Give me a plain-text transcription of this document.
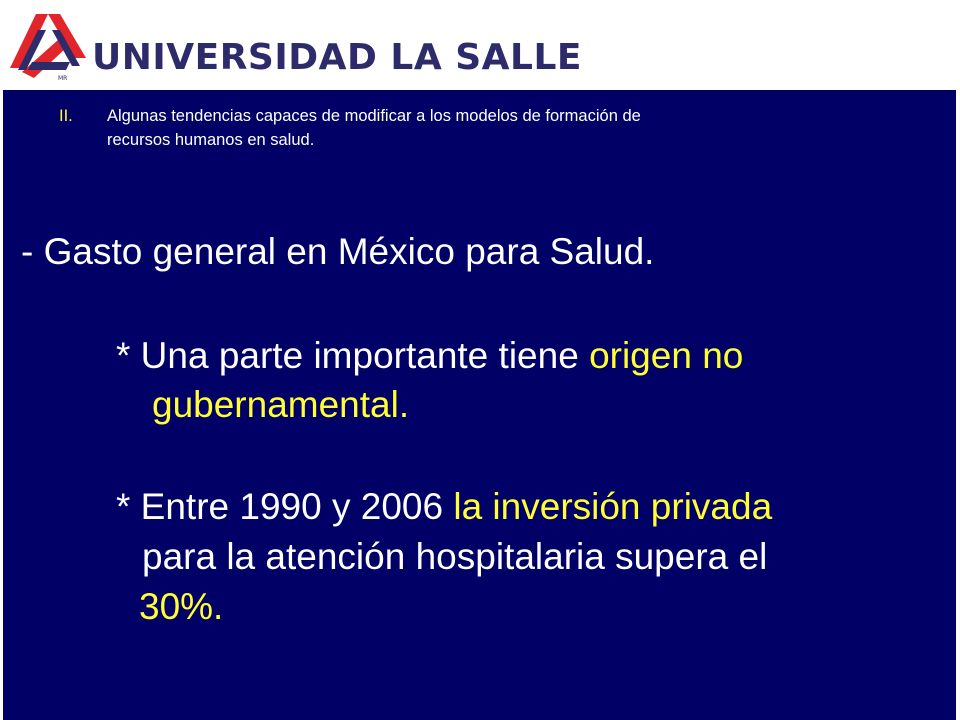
MR
UNIVERSIDAD LA SALLE
II. Algunas tendencias capaces de modificar a los modelos de formación de
recursos humanos en salud.
- Gasto general en México para Salud.
* Una parte importante tiene origen no
gubernamental.
* Entre 1990 y 2006 la inversión privada
para la atención hospitalaria supera el
30%.
